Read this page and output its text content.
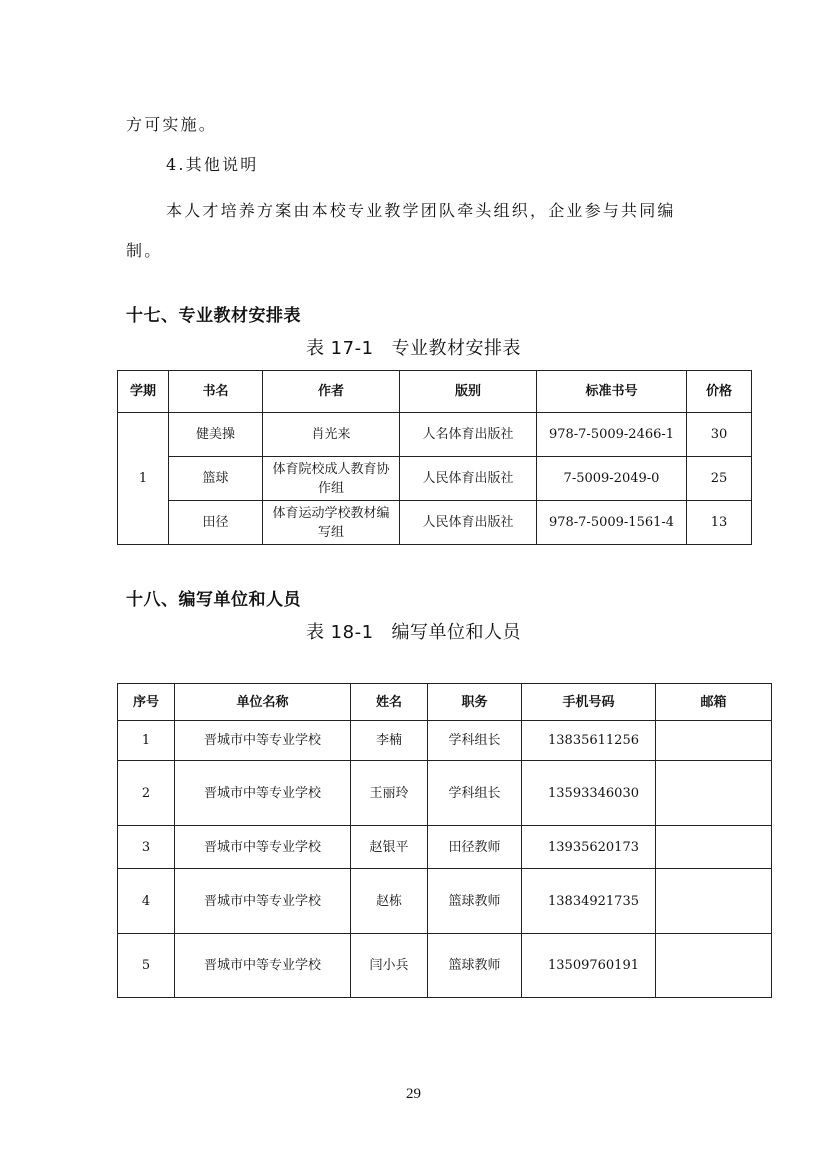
方可实施。
4.其他说明
本人才培养方案由本校专业教学团队牵头组织，企业参与共同编
制。
十七、专业教材安排表
表 17-1 专业教材安排表
学期	书名	作者	版别	标准书号	价格
1	健美操	肖光来	人名体育出版社	978-7-5009-2466-1	30
	篮球	体育院校成人教育协作组	人民体育出版社	7-5009-2049-0	25
	田径	体育运动学校教材编写组	人民体育出版社	978-7-5009-1561-4	13
十八、编写单位和人员
表 18-1 编写单位和人员
序号	单位名称	姓名	职务	手机号码	邮箱
1	晋城市中等专业学校	李楠	学科组长	13835611256	
2	晋城市中等专业学校	王丽玲	学科组长	13593346030	
3	晋城市中等专业学校	赵银平	田径教师	13935620173	
4	晋城市中等专业学校	赵栋	篮球教师	13834921735	
5	晋城市中等专业学校	闫小兵	篮球教师	13509760191	
29
